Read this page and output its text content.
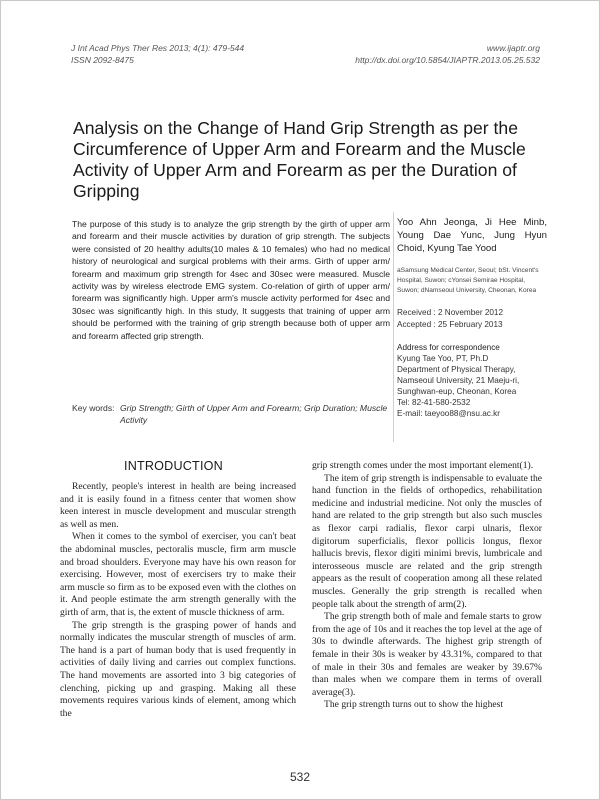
J Int Acad Phys Ther Res 2013; 4(1): 479-544
ISSN 2092-8475
www.ijaptr.org
http://dx.doi.org/10.5854/JIAPTR.2013.05.25.532
Analysis on the Change of Hand Grip Strength as per the Circumference of Upper Arm and Forearm and the Muscle Activity of Upper Arm and Forearm as per the Duration of Gripping

The purpose of this study is to analyze the grip strength by the girth of upper arm and forearm and their muscle activities by duration of grip strength. The subjects were consisted of 20 healthy adults(10 males & 10 females) who had no medical history of neurological and surgical problems with their arms. Girth of upper arm/ forearm and maximum grip strength for 4sec and 30sec were measured. Muscle activity was by wireless electrode EMG system. Co-relation of girth of upper arm/ forearm was significantly high. Upper arm's muscle activity performed for 4sec and 30sec was significantly high. In this study, It suggests that training of upper arm should be performed with the training of grip strength because both of upper arm and forearm affected grip strength.

Key words: Grip Strength; Girth of Upper Arm and Forearm; Grip Duration; Muscle Activity

Yoo Ahn Jeonga, Ji Hee Minb, Young Dae Yunc, Jung Hyun Choid, Kyung Tae Yood

aSamsung Medical Center, Seoul; bSt. Vincent's Hospital, Suwon; cYonsei Semirae Hospital, Suwon; dNamseoul University, Cheonan, Korea

Received : 2 November 2012
Accepted : 25 February 2013
Address for correspondence
Kyung Tae Yoo, PT, Ph.D
Department of Physical Therapy, Namseoul University, 21 Maeju-ri, Sunghwan-eup, Cheonan, Korea
Tel: 82-41-580-2532
E-mail: taeyoo88@nsu.ac.kr
INTRODUCTION

Recently, people's interest in health are being increased and it is easily found in a fitness center that women show keen interest in muscle development and muscular strength as well as men.

When it comes to the symbol of exerciser, you can't beat the abdominal muscles, pectoralis muscle, firm arm muscle and broad shoulders. Everyone may have his own reason for exercising. However, most of exercisers try to make their arm muscle so firm as to be exposed even with the clothes on it. And people estimate the arm strength generally with the girth of arm, that is, the extent of muscle thickness of arm.

The grip strength is the grasping power of hands and normally indicates the muscular strength of muscles of arm. The hand is a part of human body that is used frequently in activities of daily living and carries out complex functions. The hand movements are assorted into 3 big categories of clenching, picking up and grasping. Making all these movements requires various kinds of element, among which the

grip strength comes under the most important element(1).

The item of grip strength is indispensable to evaluate the hand function in the fields of orthopedics, rehabilitation medicine and industrial medicine. Not only the muscles of hand are related to the grip strength but also such muscles as flexor carpi radialis, flexor carpi ulnaris, flexor digitorum superficialis, flexor pollicis longus, flexor hallucis brevis, flexor digiti minimi brevis, lumbricale and interosseous muscle are related and the grip strength appears as the result of cooperation among all these related muscles. Generally the grip strength is recalled when people talk about the strength of arm(2).

The grip strength both of male and female starts to grow from the age of 10s and it reaches the top level at the age of 30s to dwindle afterwards. The highest grip strength of female in their 30s is weaker by 43.31%, compared to that of male in their 30s and females are weaker by 39.67% than males when we compare them in terms of overall average(3).

The grip strength turns out to show the highest

532
